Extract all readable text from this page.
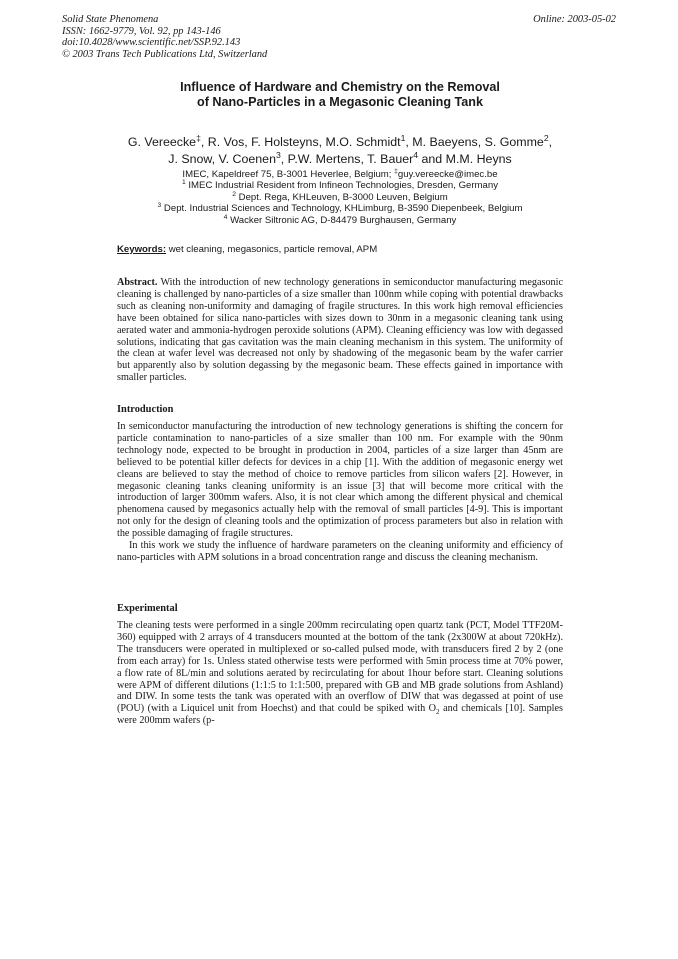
Solid State Phenomena
ISSN: 1662-9779, Vol. 92, pp 143-146
doi:10.4028/www.scientific.net/SSP.92.143
© 2003 Trans Tech Publications Ltd, Switzerland
Online: 2003-05-02
Influence of Hardware and Chemistry on the Removal
of Nano-Particles in a Megasonic Cleaning Tank
G. Vereecke‡, R. Vos, F. Holsteyns, M.O. Schmidt$^1$, M. Baeyens, S. Gomme$^2$,
J. Snow, V. Coenen$^3$, P.W. Mertens, T. Bauer$^4$ and M.M. Heyns
IMEC, Kapeldreef 75, B-3001 Heverlee, Belgium; ‡guy.vereecke@imec.be
$^1$ IMEC Industrial Resident from Infineon Technologies, Dresden, Germany
$^2$ Dept. Rega, KHLeuven, B-3000 Leuven, Belgium
$^3$ Dept. Industrial Sciences and Technology, KHLimburg, B-3590 Diepenbeek, Belgium
$^4$ Wacker Siltronic AG, D-84479 Burghausen, Germany
Keywords: wet cleaning, megasonics, particle removal, APM
Abstract. With the introduction of new technology generations in semiconductor manufacturing megasonic cleaning is challenged by nano-particles of a size smaller than 100nm while coping with potential drawbacks such as cleaning non-uniformity and damaging of fragile structures. In this work high removal efficiencies have been obtained for silica nano-particles with sizes down to 30nm in a megasonic cleaning tank using aerated water and ammonia-hydrogen peroxide solutions (APM). Cleaning efficiency was low with degassed solutions, indicating that gas cavitation was the main cleaning mechanism in this system. The uniformity of the clean at wafer level was decreased not only by shadowing of the megasonic beam by the wafer carrier but apparently also by solution degassing by the megasonic beam. These effects gained in importance with smaller particles.
Introduction

In semiconductor manufacturing the introduction of new technology generations is shifting the concern for particle contamination to nano-particles of a size smaller than 100 nm. For example with the 90nm technology node, expected to be brought in production in 2004, particles of a size larger than 45nm are believed to be potential killer defects for devices in a chip [1]. With the addition of megasonic energy wet cleans are believed to stay the method of choice to remove particles from silicon wafers [2]. However, in megasonic cleaning tanks cleaning uniformity is an issue [3] that will become more critical with the introduction of larger 300mm wafers. Also, it is not clear which among the different physical and chemical phenomena caused by megasonics actually help with the removal of small particles [4-9]. This is important not only for the design of cleaning tools and the optimization of process parameters but also in relation with the possible damaging of fragile structures.

In this work we study the influence of hardware parameters on the cleaning uniformity and efficiency of nano-particles with APM solutions in a broad concentration range and discuss the cleaning mechanism.

Experimental

The cleaning tests were performed in a single 200mm recirculating open quartz tank (PCT, Model TTF20M-360) equipped with 2 arrays of 4 transducers mounted at the bottom of the tank (2x300W at about 720kHz). The transducers were operated in multiplexed or so-called pulsed mode, with transducers fired 2 by 2 (one from each array) for 1s. Unless stated otherwise tests were performed with 5min process time at 70% power, a flow rate of 8L/min and solutions aerated by recirculating for about 1hour before start. Cleaning solutions were APM of different dilutions (1:1:5 to 1:1:500, prepared with GB and MB grade solutions from Ashland) and DIW. In some tests the tank was operated with an overflow of DIW that was degassed at point of use (POU) (with a Liquicel unit from Hoechst) and that could be spiked with $O_2$ and chemicals [10]. Samples were 200mm wafers (p-
